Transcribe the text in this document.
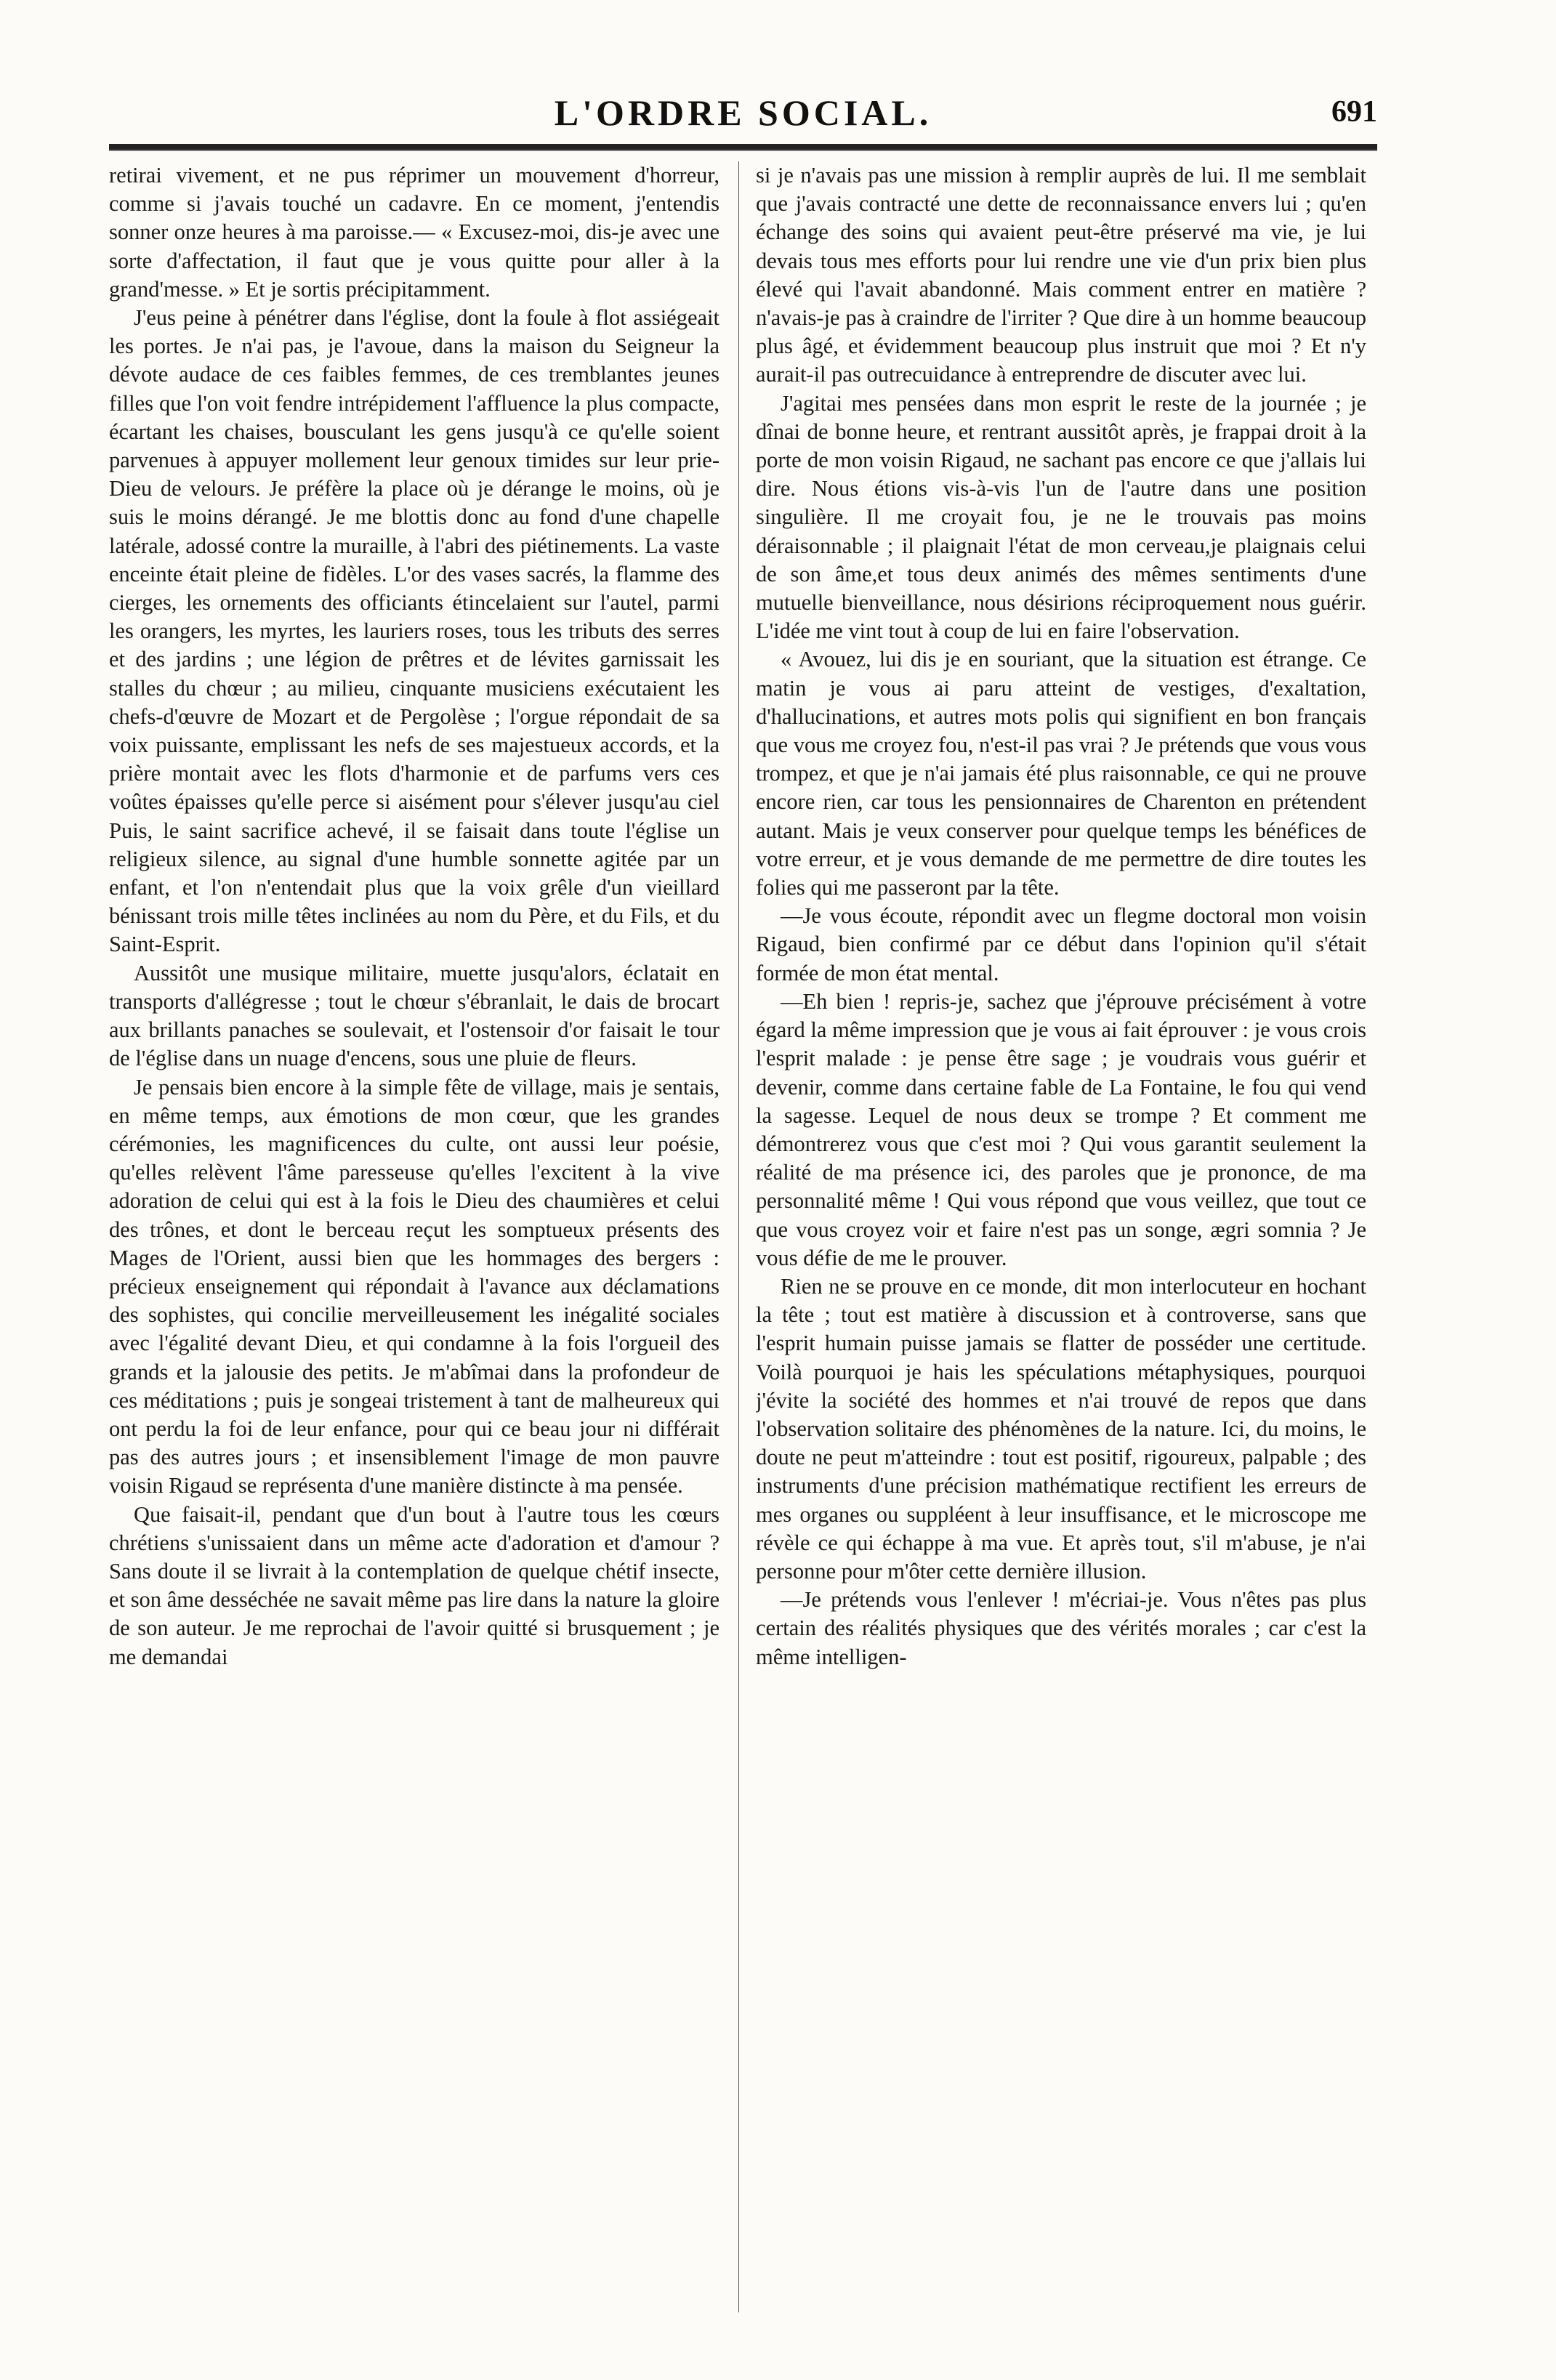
L'ORDRE SOCIAL.	691

retirai vivement, et ne pus réprimer un mouvement d'horreur, comme si j'avais touché un cadavre. En ce moment, j'entendis sonner onze heures à ma paroisse.— « Excusez-moi, dis-je avec une sorte d'affectation, il faut que je vous quitte pour aller à la grand'messe. » Et je sortis précipitamment.

J'eus peine à pénétrer dans l'église, dont la foule à flot assiégeait les portes. Je n'ai pas, je l'avoue, dans la maison du Seigneur la dévote audace de ces faibles femmes, de ces tremblantes jeunes filles que l'on voit fendre intrépidement l'affluence la plus compacte, écartant les chaises, bousculant les gens jusqu'à ce qu'elle soient parvenues à appuyer mollement leur genoux timides sur leur prie-Dieu de velours. Je préfère la place où je dérange le moins, où je suis le moins dérangé. Je me blottis donc au fond d'une chapelle latérale, adossé contre la muraille, à l'abri des piétinements. La vaste enceinte était pleine de fidèles. L'or des vases sacrés, la flamme des cierges, les ornements des officiants étincelaient sur l'autel, parmi les orangers, les myrtes, les lauriers roses, tous les tributs des serres et des jardins ; une légion de prêtres et de lévites garnissait les stalles du chœur ; au milieu, cinquante musiciens exécutaient les chefs-d'œuvre de Mozart et de Pergolèse ; l'orgue répondait de sa voix puissante, emplissant les nefs de ses majestueux accords, et la prière montait avec les flots d'harmonie et de parfums vers ces voûtes épaisses qu'elle perce si aisément pour s'élever jusqu'au ciel Puis, le saint sacrifice achevé, il se faisait dans toute l'église un religieux silence, au signal d'une humble sonnette agitée par un enfant, et l'on n'entendait plus que la voix grêle d'un vieillard bénissant trois mille têtes inclinées au nom du Père, et du Fils, et du Saint-Esprit.

Aussitôt une musique militaire, muette jusqu'alors, éclatait en transports d'allégresse ; tout le chœur s'ébranlait, le dais de brocart aux brillants panaches se soulevait, et l'ostensoir d'or faisait le tour de l'église dans un nuage d'encens, sous une pluie de fleurs.

Je pensais bien encore à la simple fête de village, mais je sentais, en même temps, aux émotions de mon cœur, que les grandes cérémonies, les magnificences du culte, ont aussi leur poésie, qu'elles relèvent l'âme paresseuse qu'elles l'excitent à la vive adoration de celui qui est à la fois le Dieu des chaumières et celui des trônes, et dont le berceau reçut les somptueux présents des Mages de l'Orient, aussi bien que les hommages des bergers : précieux enseignement qui répondait à l'avance aux déclamations des sophistes, qui concilie merveilleusement les inégalité sociales avec l'égalité devant Dieu, et qui condamne à la fois l'orgueil des grands et la jalousie des petits. Je m'abîmai dans la profondeur de ces méditations ; puis je songeai tristement à tant de malheureux qui ont perdu la foi de leur enfance, pour qui ce beau jour ni différait pas des autres jours ; et insensiblement l'image de mon pauvre voisin Rigaud se représenta d'une manière distincte à ma pensée.

Que faisait-il, pendant que d'un bout à l'autre tous les cœurs chrétiens s'unissaient dans un même acte d'adoration et d'amour ? Sans doute il se livrait à la contemplation de quelque chétif insecte, et son âme desséchée ne savait même pas lire dans la nature la gloire de son auteur. Je me reprochai de l'avoir quitté si brusquement ; je me demandai

si je n'avais pas une mission à remplir auprès de lui. Il me semblait que j'avais contracté une dette de reconnaissance envers lui ; qu'en échange des soins qui avaient peut-être préservé ma vie, je lui devais tous mes efforts pour lui rendre une vie d'un prix bien plus élevé qui l'avait abandonné. Mais comment entrer en matière ? n'avais-je pas à craindre de l'irriter ? Que dire à un homme beaucoup plus âgé, et évidemment beaucoup plus instruit que moi ? Et n'y aurait-il pas outrecuidance à entreprendre de discuter avec lui.

J'agitai mes pensées dans mon esprit le reste de la journée ; je dînai de bonne heure, et rentrant aussitôt après, je frappai droit à la porte de mon voisin Rigaud, ne sachant pas encore ce que j'allais lui dire. Nous étions vis-à-vis l'un de l'autre dans une position singulière. Il me croyait fou, je ne le trouvais pas moins déraisonnable ; il plaignait l'état de mon cerveau,je plaignais celui de son âme,et tous deux animés des mêmes sentiments d'une mutuelle bienveillance, nous désirions réciproquement nous guérir. L'idée me vint tout à coup de lui en faire l'observation.

« Avouez, lui dis je en souriant, que la situation est étrange. Ce matin je vous ai paru atteint de vestiges, d'exaltation, d'hallucinations, et autres mots polis qui signifient en bon français que vous me croyez fou, n'est-il pas vrai ? Je prétends que vous vous trompez, et que je n'ai jamais été plus raisonnable, ce qui ne prouve encore rien, car tous les pensionnaires de Charenton en prétendent autant. Mais je veux conserver pour quelque temps les bénéfices de votre erreur, et je vous demande de me permettre de dire toutes les folies qui me passeront par la tête.

—Je vous écoute, répondit avec un flegme doctoral mon voisin Rigaud, bien confirmé par ce début dans l'opinion qu'il s'était formée de mon état mental.

—Eh bien ! repris-je, sachez que j'éprouve précisément à votre égard la même impression que je vous ai fait éprouver : je vous crois l'esprit malade : je pense être sage ; je voudrais vous guérir et devenir, comme dans certaine fable de La Fontaine, le fou qui vend la sagesse. Lequel de nous deux se trompe ? Et comment me démontrerez vous que c'est moi ? Qui vous garantit seulement la réalité de ma présence ici, des paroles que je prononce, de ma personnalité même ! Qui vous répond que vous veillez, que tout ce que vous croyez voir et faire n'est pas un songe, ægri somnia ? Je vous défie de me le prouver.

Rien ne se prouve en ce monde, dit mon interlocuteur en hochant la tête ; tout est matière à discussion et à controverse, sans que l'esprit humain puisse jamais se flatter de posséder une certitude. Voilà pourquoi je hais les spéculations métaphysiques, pourquoi j'évite la société des hommes et n'ai trouvé de repos que dans l'observation solitaire des phénomènes de la nature. Ici, du moins, le doute ne peut m'atteindre : tout est positif, rigoureux, palpable ; des instruments d'une précision mathématique rectifient les erreurs de mes organes ou suppléent à leur insuffisance, et le microscope me révèle ce qui échappe à ma vue. Et après tout, s'il m'abuse, je n'ai personne pour m'ôter cette dernière illusion.

—Je prétends vous l'enlever ! m'écriai-je. Vous n'êtes pas plus certain des réalités physiques que des vérités morales ; car c'est la même intelligen-
